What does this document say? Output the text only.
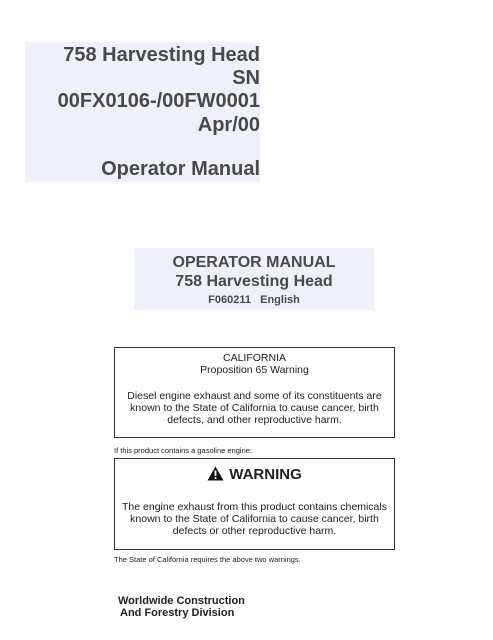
758 Harvesting Head
SN
00FX0106-/00FW0001
Apr/00
Operator Manual
OPERATOR MANUAL
758 Harvesting Head
F060211   English

CALIFORNIA

Proposition 65 Warning

Diesel engine exhaust and some of its constituents are

known to the State of California to cause cancer, birth

defects, and other reproductive harm.

If this product contains a gasoline engine:
WARNING

The engine exhaust from this product contains chemicals

known to the State of California to cause cancer, birth

defects or other reproductive harm.

The State of California requires the above two warnings.
Worldwide Construction
And Forestry Division
